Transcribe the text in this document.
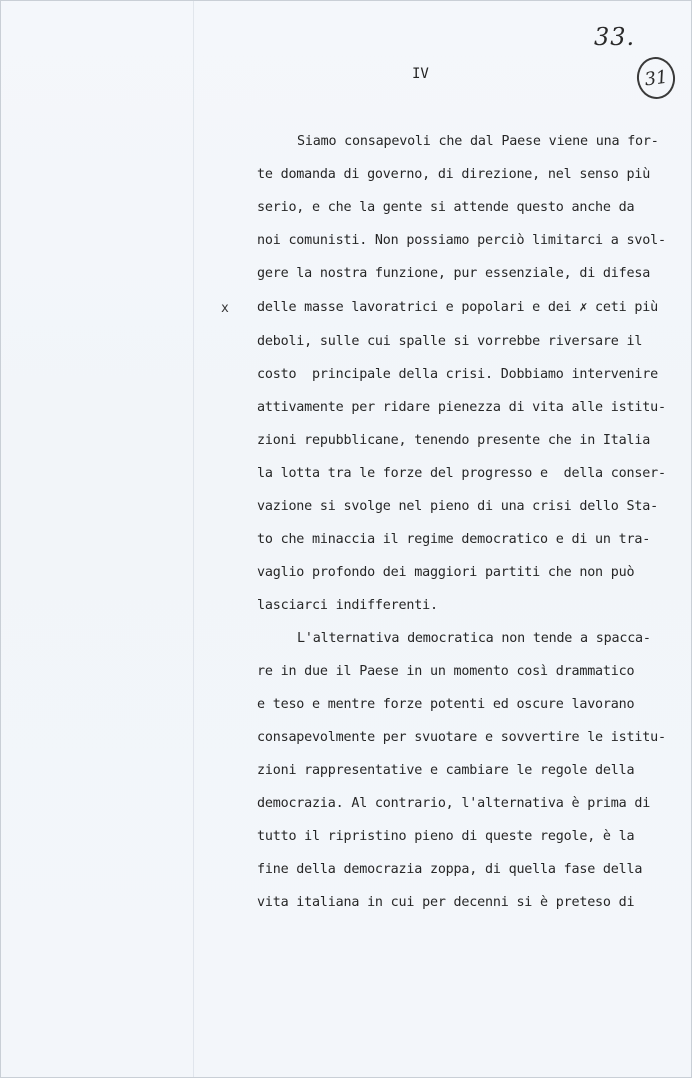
33.
31
IV
x
Siamo consapevoli che dal Paese viene una for-
te domanda di governo, di direzione, nel senso più
serio, e che la gente si attende questo anche da
noi comunisti. Non possiamo perciò limitarci a svol-
gere la nostra funzione, pur essenziale, di difesa
delle masse lavoratrici e popolari e dei ✗ ceti più
deboli, sulle cui spalle si vorrebbe riversare il
costo  principale della crisi. Dobbiamo intervenire
attivamente per ridare pienezza di vita alle istitu-
zioni repubblicane, tenendo presente che in Italia
la lotta tra le forze del progresso e  della conser-
vazione si svolge nel pieno di una crisi dello Sta-
to che minaccia il regime democratico e di un tra-
vaglio profondo dei maggiori partiti che non può
lasciarci indifferenti.
L'alternativa democratica non tende a spacca-
re in due il Paese in un momento così drammatico
e teso e mentre forze potenti ed oscure lavorano
consapevolmente per svuotare e sovvertire le istitu-
zioni rappresentative e cambiare le regole della
democrazia. Al contrario, l'alternativa è prima di
tutto il ripristino pieno di queste regole, è la
fine della democrazia zoppa, di quella fase della
vita italiana in cui per decenni si è preteso di
